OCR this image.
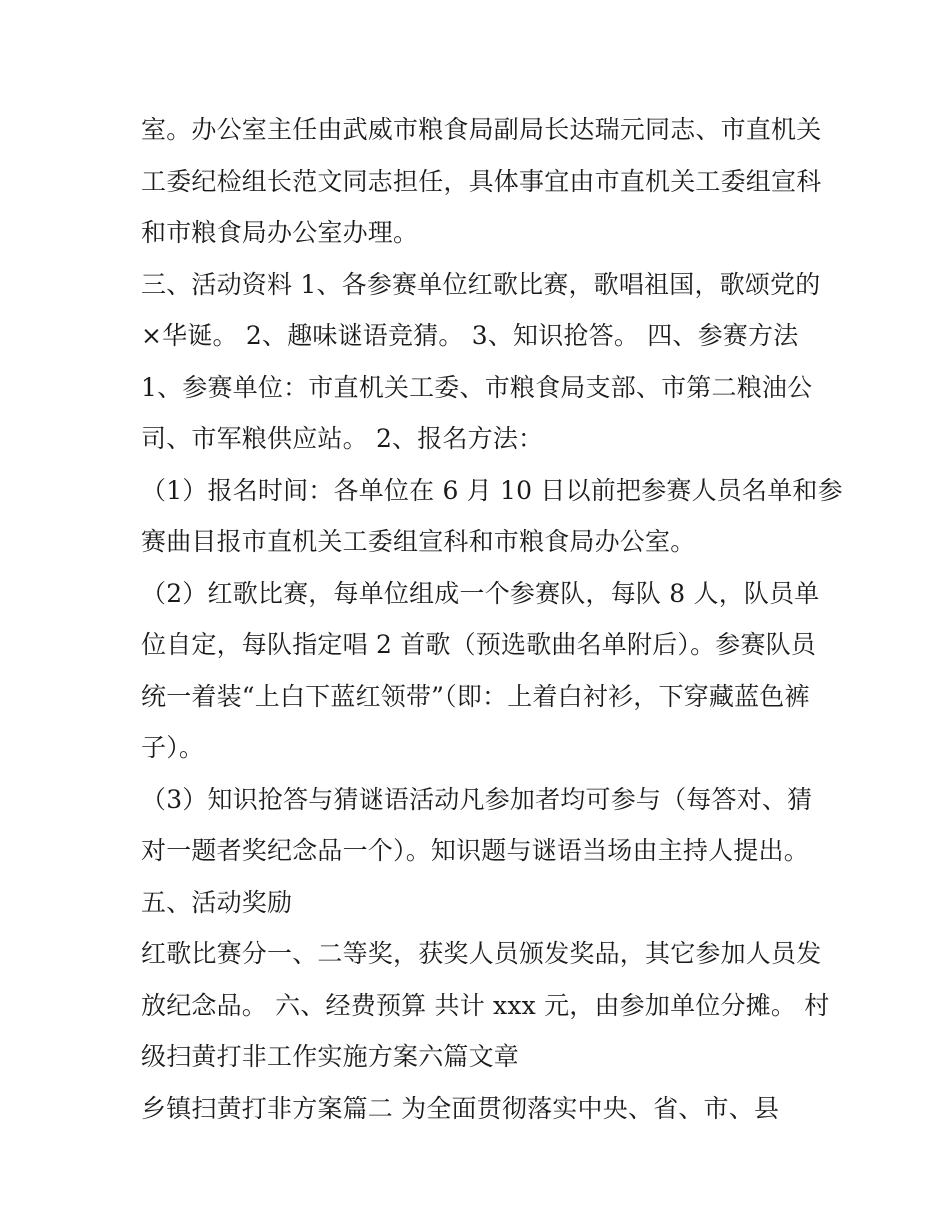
室。办公室主任由武威市粮食局副局长达瑞元同志、市直机关
工委纪检组长范文同志担任，具体事宜由市直机关工委组宣科
和市粮食局办公室办理。
三、活动资料 1、各参赛单位红歌比赛，歌唱祖国，歌颂党的
×华诞。 2、趣味谜语竞猜。 3、知识抢答。 四、参赛方法
1、参赛单位：市直机关工委、市粮食局支部、市第二粮油公
司、市军粮供应站。 2、报名方法：
（1）报名时间：各单位在 6 月 10 日以前把参赛人员名单和参
赛曲目报市直机关工委组宣科和市粮食局办公室。
（2）红歌比赛，每单位组成一个参赛队，每队 8 人，队员单
位自定，每队指定唱 2 首歌（预选歌曲名单附后）。参赛队员
统一着装“上白下蓝红领带”（即：上着白衬衫，下穿藏蓝色裤
子）。
（3）知识抢答与猜谜语活动凡参加者均可参与（每答对、猜
对一题者奖纪念品一个）。知识题与谜语当场由主持人提出。
五、活动奖励
红歌比赛分一、二等奖，获奖人员颁发奖品，其它参加人员发
放纪念品。 六、经费预算 共计 xxx 元，由参加单位分摊。 村
级扫黄打非工作实施方案六篇文章
乡镇扫黄打非方案篇二 为全面贯彻落实中央、省、市、县
